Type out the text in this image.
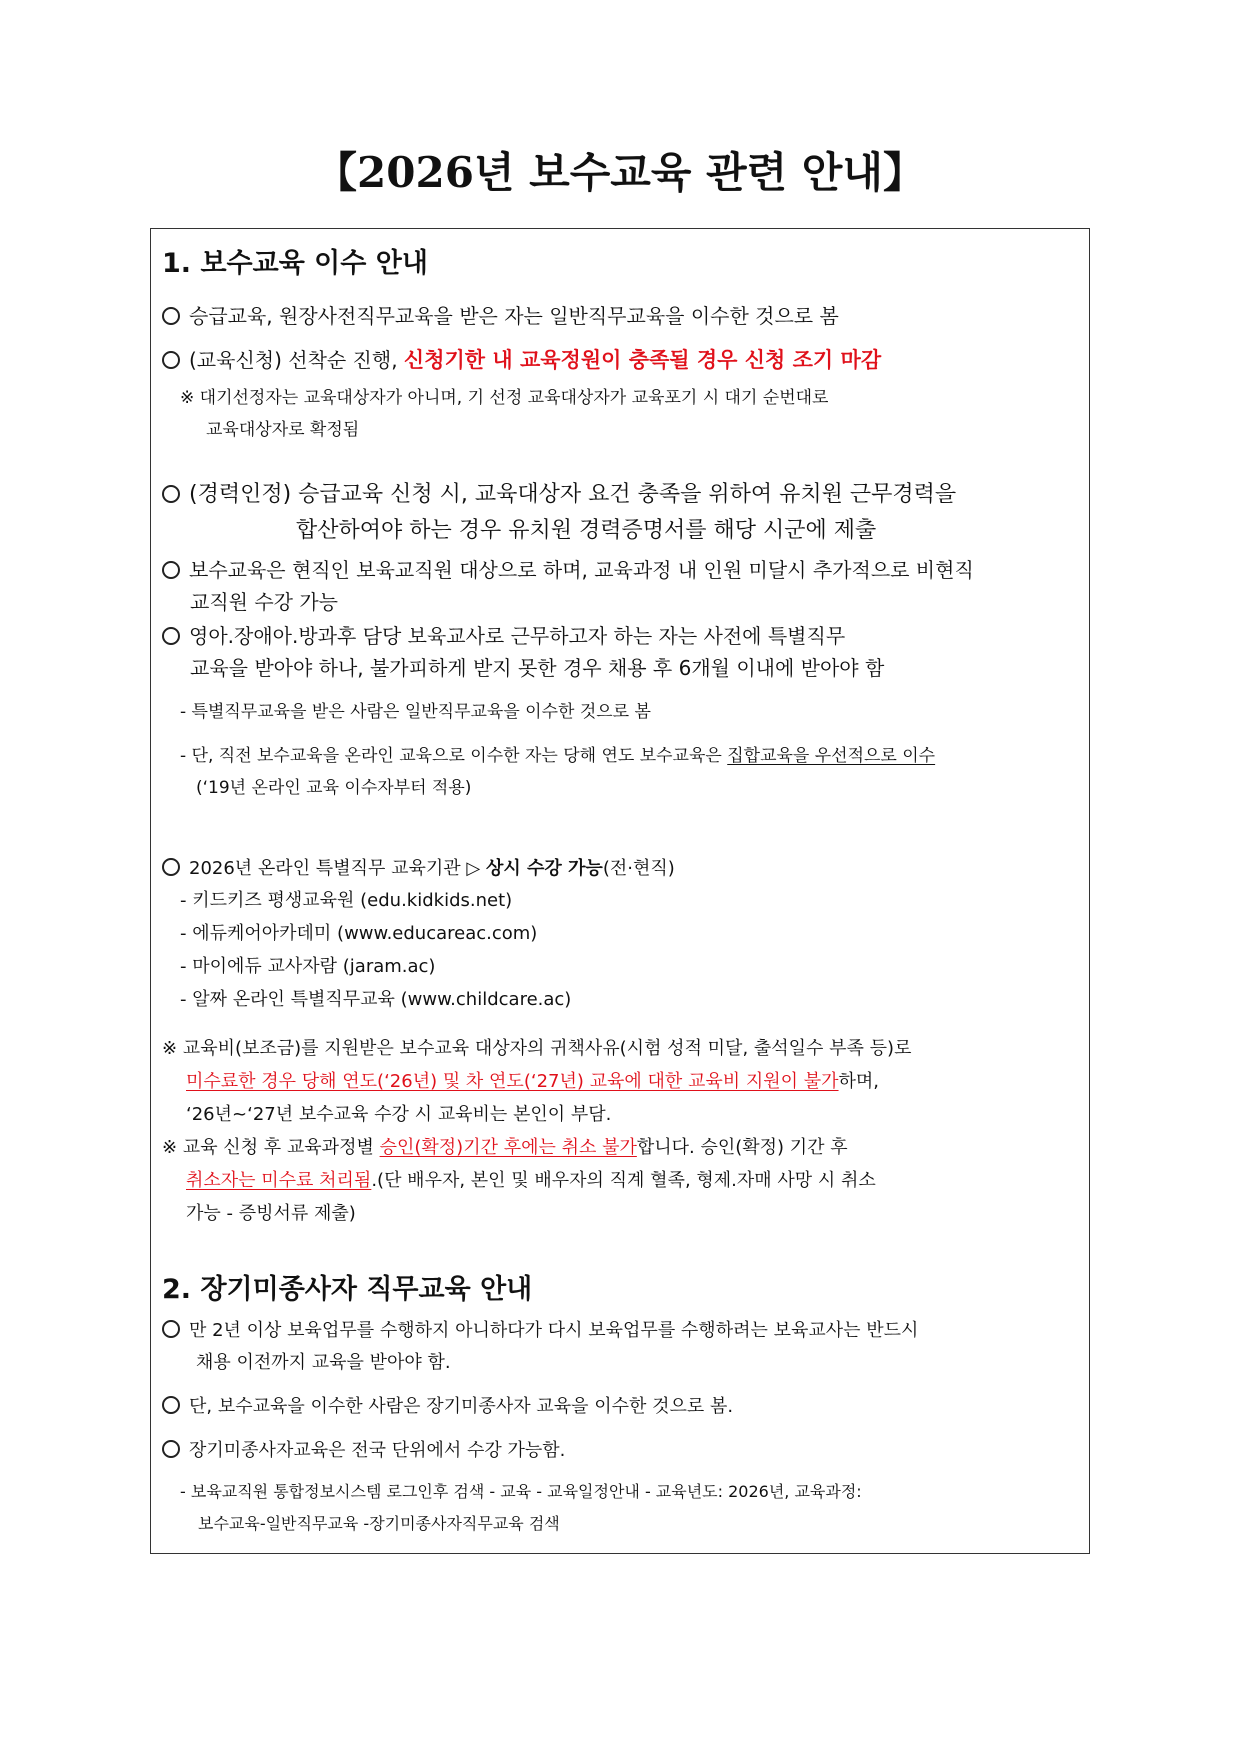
【2026년 보수교육 관련 안내】
1. 보수교육 이수 안내
승급교육, 원장사전직무교육을 받은 자는 일반직무교육을 이수한 것으로 봄
(교육신청) 선착순 진행, 신청기한 내 교육정원이 충족될 경우 신청 조기 마감
※ 대기선정자는 교육대상자가 아니며, 기 선정 교육대상자가 교육포기 시 대기 순번대로
교육대상자로 확정됨
(경력인정) 승급교육 신청 시, 교육대상자 요건 충족을 위하여 유치원 근무경력을
합산하여야 하는 경우 유치원 경력증명서를 해당 시군에 제출
보수교육은 현직인 보육교직원 대상으로 하며, 교육과정 내 인원 미달시 추가적으로 비현직
교직원 수강 가능
영아.장애아.방과후 담당 보육교사로 근무하고자 하는 자는 사전에 특별직무
교육을 받아야 하나, 불가피하게 받지 못한 경우 채용 후 6개월 이내에 받아야 함
- 특별직무교육을 받은 사람은 일반직무교육을 이수한 것으로 봄
- 단, 직전 보수교육을 온라인 교육으로 이수한 자는 당해 연도 보수교육은 집합교육을 우선적으로 이수
(‘19년 온라인 교육 이수자부터 적용)
2026년 온라인 특별직무 교육기관 ▷ 상시 수강 가능(전·현직)
- 키드키즈 평생교육원 (edu.kidkids.net)
- 에듀케어아카데미 (www.educareac.com)
- 마이에듀 교사자람 (jaram.ac)
- 알짜 온라인 특별직무교육 (www.childcare.ac)
※ 교육비(보조금)를 지원받은 보수교육 대상자의 귀책사유(시험 성적 미달, 출석일수 부족 등)로
미수료한 경우 당해 연도(‘26년) 및 차 연도(‘27년) 교육에 대한 교육비 지원이 불가하며,
‘26년~‘27년 보수교육 수강 시 교육비는 본인이 부담.
※ 교육 신청 후 교육과정별 승인(확정)기간 후에는 취소 불가합니다. 승인(확정) 기간 후
취소자는 미수료 처리됨.(단 배우자, 본인 및 배우자의 직계 혈족, 형제.자매 사망 시 취소
가능 - 증빙서류 제출)
2. 장기미종사자 직무교육 안내
만 2년 이상 보육업무를 수행하지 아니하다가 다시 보육업무를 수행하려는 보육교사는 반드시
채용 이전까지 교육을 받아야 함.
단, 보수교육을 이수한 사람은 장기미종사자 교육을 이수한 것으로 봄.
장기미종사자교육은 전국 단위에서 수강 가능함.
- 보육교직원 통합정보시스템 로그인후 검색 - 교육 - 교육일정안내 - 교육년도: 2026년, 교육과정:
보수교육-일반직무교육 -장기미종사자직무교육 검색
